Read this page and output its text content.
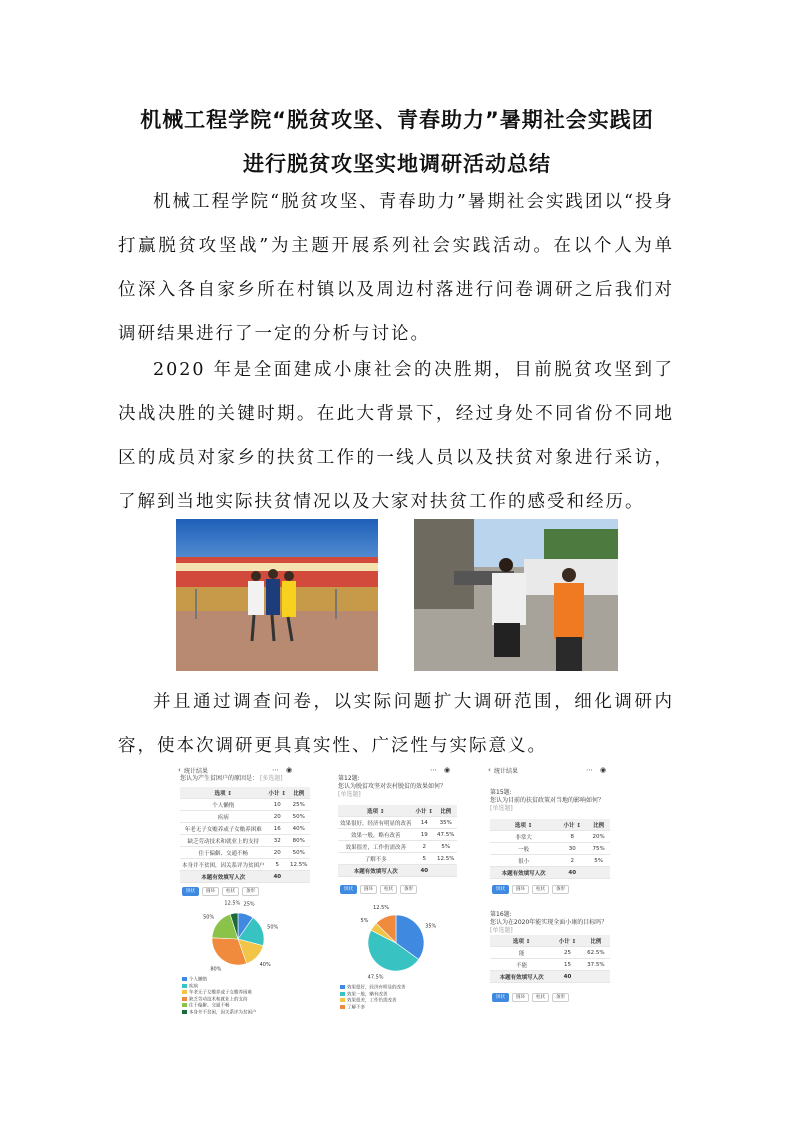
机械工程学院“脱贫攻坚、青春助力”暑期社会实践团
进行脱贫攻坚实地调研活动总结
机械工程学院“脱贫攻坚、青春助力”暑期社会实践团以“投身打赢脱贫攻坚战”为主题开展系列社会实践活动。在以个人为单位深入各自家乡所在村镇以及周边村落进行问卷调研之后我们对调研结果进行了一定的分析与讨论。
2020 年是全面建成小康社会的决胜期，目前脱贫攻坚到了决战决胜的关键时期。在此大背景下，经过身处不同省份不同地区的成员对家乡的扶贫工作的一线人员以及扶贫对象进行采访，了解到当地实际扶贫情况以及大家对扶贫工作的感受和经历。
并且通过调查问卷，以实际问题扩大调研范围，细化调研内容，使本次调研更具真实性、广泛性与实际意义。
‹ 统计结果	⋯ ◉
您认为产生贫困户的原因是： [多选题]
选项 ↕	小计 ↕	比例
个人懒惰	10	25%
疾病	20	50%
年老无子女赡养或子女赡养困难	16	40%
缺乏劳动技术和就业上的支持	32	80%
住于偏僻、交通不畅	20	50%
本身并不贫困，因关系评为贫困户	5	12.5%
本题有效填写人次	40	
饼状 圆环 柱状 条形
25%
50%
40%
80%
50%
12.5%
个人懒惰
疾病
年老无子女赡养或子女赡养困难
缺乏劳动技术和就业上的支持
住于偏僻、交通不畅
本身并不贫困，因关系评为贫困户
⋯ ◉
第12题:
您认为脱贫攻坚对农村脱贫的效果如何？ [单选题]
选项 ↕	小计 ↕	比例
效果很好，经济有明显的改善	14	35%
效果一般，略有改善	19	47.5%
效果很差，工作仍需改善	2	5%
了解不多	5	12.5%
本题有效填写人次	40	
饼状 圆环 柱状 条形
35%
47.5%
5%
12.5%
效果很好，经济有明显的改善
效果一般，略有改善
效果很差，工作仍需改善
了解不多
‹ 统计结果	⋯ ◉
第15题:
您认为目前的扶贫政策对当地的影响如何？ [单选题]
选项 ↕	小计 ↕	比例
非常大	8	20%
一般	30	75%
很小	2	5%
本题有效填写人次	40	
饼状 圆环 柱状 条形
第16题:
您认为在2020年能实现全面小康的目标吗？ [单选题]
选项 ↕	小计 ↕	比例
能	25	62.5%
不能	15	37.5%
本题有效填写人次	40	
饼状 圆环 柱状 条形
